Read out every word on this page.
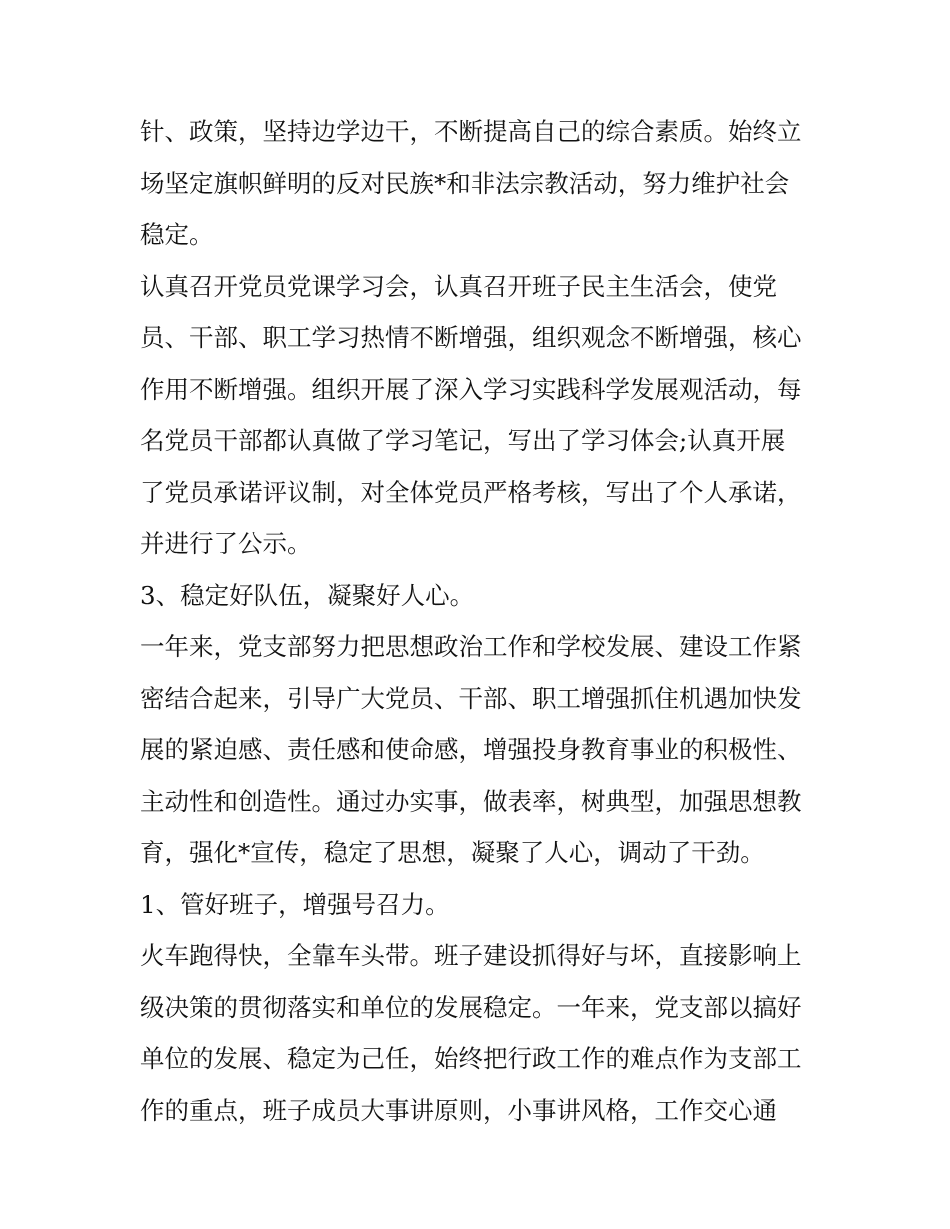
针、政策，坚持边学边干，不断提高自己的综合素质。始终立
场坚定旗帜鲜明的反对民族*和非法宗教活动，努力维护社会
稳定。
认真召开党员党课学习会，认真召开班子民主生活会，使党
员、干部、职工学习热情不断增强，组织观念不断增强，核心
作用不断增强。组织开展了深入学习实践科学发展观活动，每
名党员干部都认真做了学习笔记，写出了学习体会;认真开展
了党员承诺评议制，对全体党员严格考核，写出了个人承诺，
并进行了公示。
3、稳定好队伍，凝聚好人心。
一年来，党支部努力把思想政治工作和学校发展、建设工作紧
密结合起来，引导广大党员、干部、职工增强抓住机遇加快发
展的紧迫感、责任感和使命感，增强投身教育事业的积极性、
主动性和创造性。通过办实事，做表率，树典型，加强思想教
育，强化*宣传，稳定了思想，凝聚了人心，调动了干劲。
1、管好班子，增强号召力。
火车跑得快，全靠车头带。班子建设抓得好与坏，直接影响上
级决策的贯彻落实和单位的发展稳定。一年来，党支部以搞好
单位的发展、稳定为己任，始终把行政工作的难点作为支部工
作的重点，班子成员大事讲原则，小事讲风格，工作交心通
